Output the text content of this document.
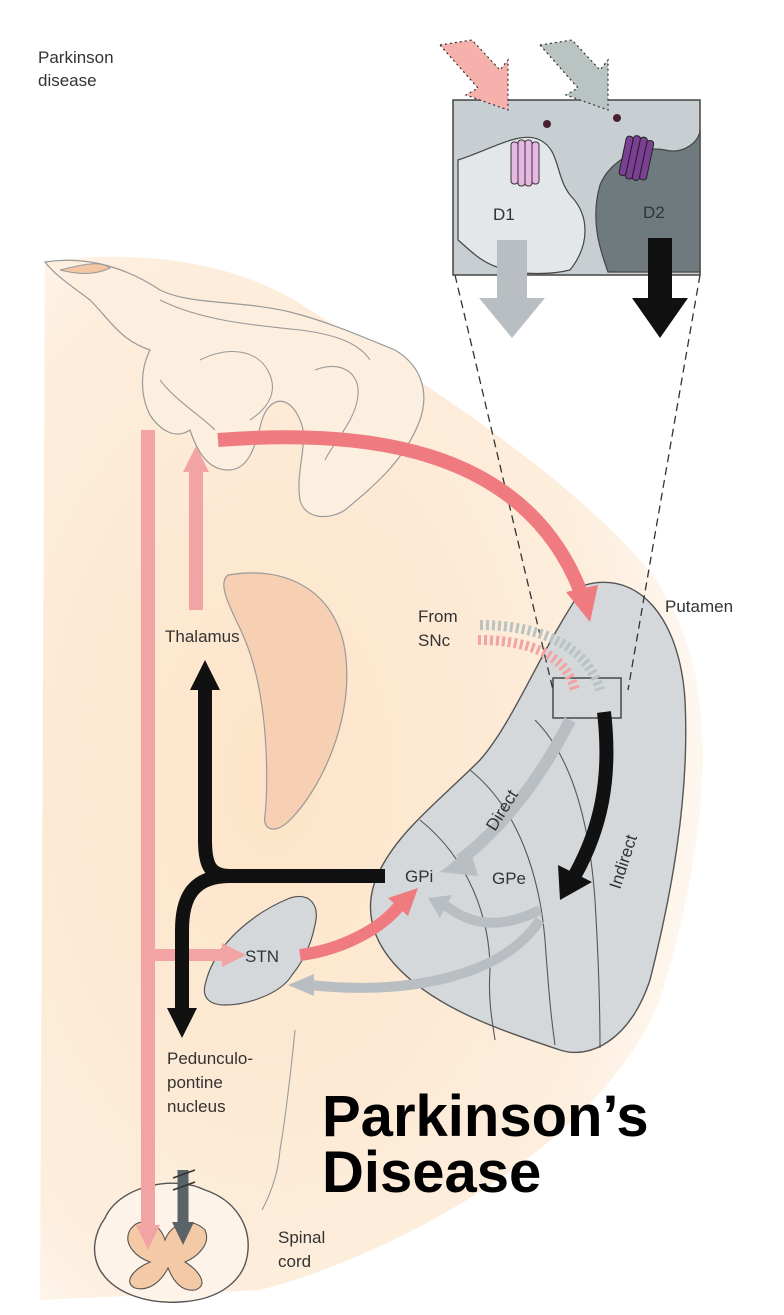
D1	D2
Parkinson
disease
Putamen
From
SNc
Thalamus
Direct
Indirect
GPi	GPe
STN
Pedunculo-
pontine
nucleus
Spinal
cord
Parkinson’s
Disease
